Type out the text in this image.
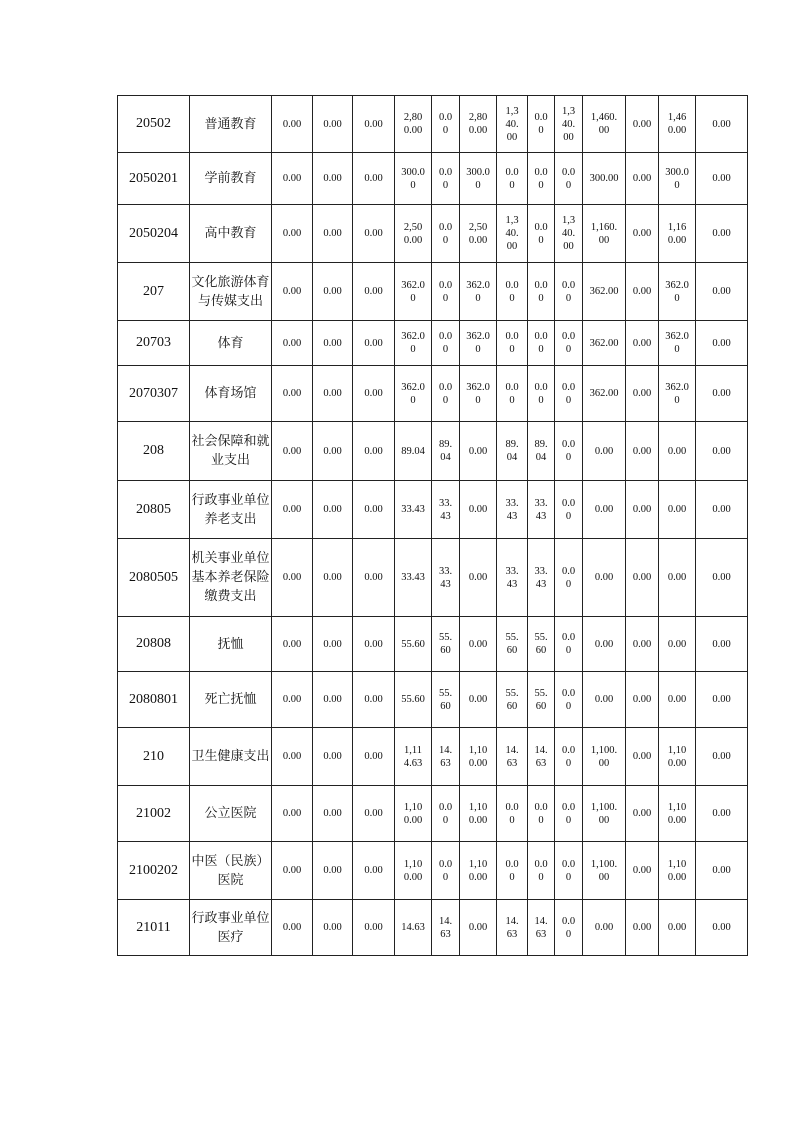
20502	普通教育	0.00	0.00	0.00	2,800.00	0.00	2,800.00	1,340.00	0.00	1,340.00	1,460.00	0.00	1,460.00	0.00

2050201	学前教育	0.00	0.00	0.00	300.00	0.00	300.00	0.00	0.00	0.00	300.00	0.00	300.00	0.00

2050204	高中教育	0.00	0.00	0.00	2,500.00	0.00	2,500.00	1,340.00	0.00	1,340.00	1,160.00	0.00	1,160.00	0.00

207	文化旅游体育与传媒支出	0.00	0.00	0.00	362.00	0.00	362.00	0.00	0.00	0.00	362.00	0.00	362.00	0.00

20703	体育	0.00	0.00	0.00	362.00	0.00	362.00	0.00	0.00	0.00	362.00	0.00	362.00	0.00

2070307	体育场馆	0.00	0.00	0.00	362.00	0.00	362.00	0.00	0.00	0.00	362.00	0.00	362.00	0.00

208	社会保障和就业支出	0.00	0.00	0.00	89.04	89.04	0.00	89.04	89.04	0.00	0.00	0.00	0.00	0.00

20805	行政事业单位养老支出	0.00	0.00	0.00	33.43	33.43	0.00	33.43	33.43	0.00	0.00	0.00	0.00	0.00

2080505	机关事业单位基本养老保险缴费支出	0.00	0.00	0.00	33.43	33.43	0.00	33.43	33.43	0.00	0.00	0.00	0.00	0.00

20808	抚恤	0.00	0.00	0.00	55.60	55.60	0.00	55.60	55.60	0.00	0.00	0.00	0.00	0.00

2080801	死亡抚恤	0.00	0.00	0.00	55.60	55.60	0.00	55.60	55.60	0.00	0.00	0.00	0.00	0.00

210	卫生健康支出	0.00	0.00	0.00	1,114.63	14.63	1,100.00	14.63	14.63	0.00	1,100.00	0.00	1,100.00	0.00

21002	公立医院	0.00	0.00	0.00	1,100.00	0.00	1,100.00	0.00	0.00	0.00	1,100.00	0.00	1,100.00	0.00

2100202	中医（民族）医院	0.00	0.00	0.00	1,100.00	0.00	1,100.00	0.00	0.00	0.00	1,100.00	0.00	1,100.00	0.00

21011	行政事业单位医疗	0.00	0.00	0.00	14.63	14.63	0.00	14.63	14.63	0.00	0.00	0.00	0.00	0.00
